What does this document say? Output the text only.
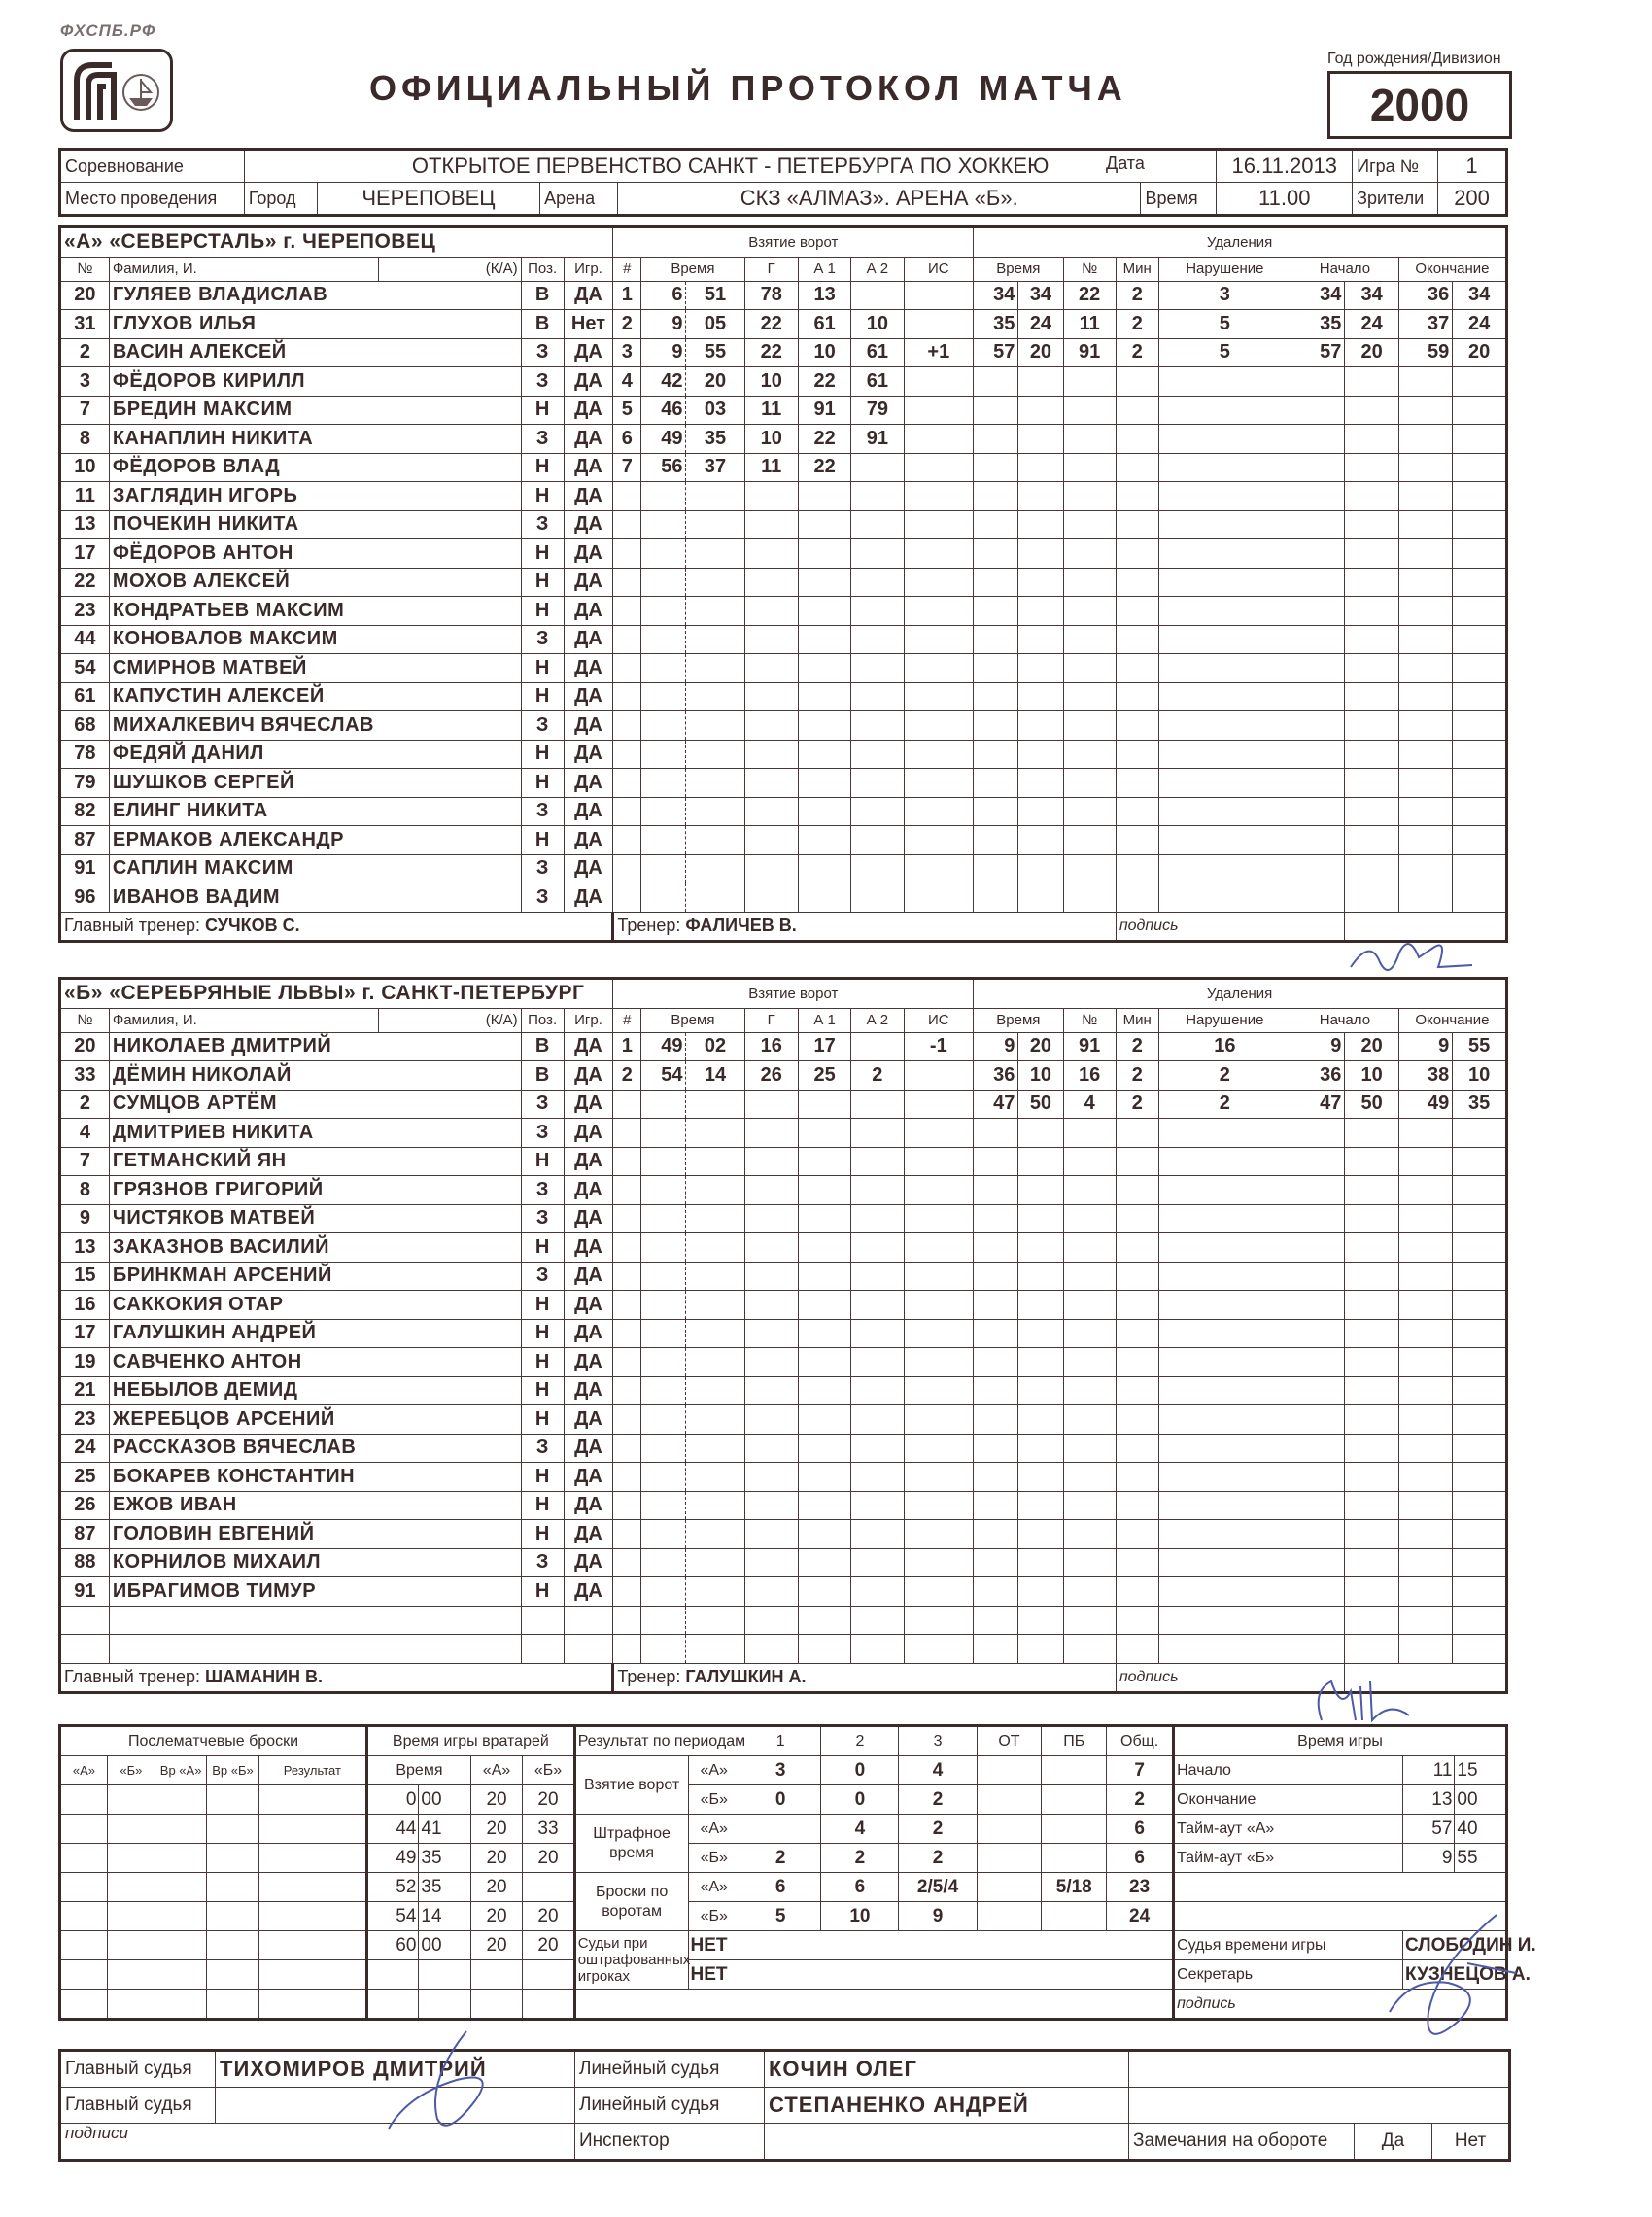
ФХСПБ.РФ
ОФИЦИАЛЬНЫЙ ПРОТОКОЛ МАТЧА
Год рождения/Дивизион
2000
Соревнование	ОТКРЫТОЕ ПЕРВЕНСТВО САНКТ - ПЕТЕРБУРГА ПО ХОККЕЮ					16.11.2013	Игра №	1
Место проведения	Город	ЧЕРЕПОВЕЦ	Арена	СКЗ «АЛМАЗ». АРЕНА «Б».	Время	11.00	Зрители	200
Дата
«А» «СЕВЕРСТАЛЬ» г. ЧЕРЕПОВЕЦ					Взятие ворот							Удаления								
№	Фамилия, И.	(К/А)	Поз.	Игр.	#	Время		Г	А 1	А 2	ИС	Время		№	Мин	Нарушение	Начало		Окончание	
20	ГУЛЯЕВ ВЛАДИСЛАВ		В	ДА	1	6	51	78	13			34	34	22	2	3	34	34	36	34
31	ГЛУХОВ ИЛЬЯ		В	Нет	2	9	05	22	61	10		35	24	11	2	5	35	24	37	24
2	ВАСИН АЛЕКСЕЙ		З	ДА	3	9	55	22	10	61	+1	57	20	91	2	5	57	20	59	20
3	ФЁДОРОВ КИРИЛЛ		З	ДА	4	42	20	10	22	61										
7	БРЕДИН МАКСИМ		Н	ДА	5	46	03	11	91	79										
8	КАНАПЛИН НИКИТА		З	ДА	6	49	35	10	22	91										
10	ФЁДОРОВ ВЛАД		Н	ДА	7	56	37	11	22											
11	ЗАГЛЯДИН ИГОРЬ		Н	ДА																
13	ПОЧЕКИН НИКИТА		З	ДА																
17	ФЁДОРОВ АНТОН		Н	ДА																
22	МОХОВ АЛЕКСЕЙ		Н	ДА																
23	КОНДРАТЬЕВ МАКСИМ		Н	ДА																
44	КОНОВАЛОВ МАКСИМ		З	ДА																
54	СМИРНОВ МАТВЕЙ		Н	ДА																
61	КАПУСТИН АЛЕКСЕЙ		Н	ДА																
68	МИХАЛКЕВИЧ ВЯЧЕСЛАВ		З	ДА																
78	ФЕДЯЙ ДАНИЛ		Н	ДА																
79	ШУШКОВ СЕРГЕЙ		Н	ДА																
82	ЕЛИНГ НИКИТА		З	ДА																
87	ЕРМАКОВ АЛЕКСАНДР		Н	ДА																
91	САПЛИН МАКСИМ		З	ДА																
96	ИВАНОВ ВАДИМ		З	ДА																
Главный тренер: СУЧКОВ С.					Тренер: ФАЛИЧЕВ В.										подпись					
«Б» «СЕРЕБРЯНЫЕ ЛЬВЫ» г. САНКТ-ПЕТЕРБУРГ					Взятие ворот							Удаления								
№	Фамилия, И.	(К/А)	Поз.	Игр.	#	Время		Г	А 1	А 2	ИС	Время		№	Мин	Нарушение	Начало		Окончание	
20	НИКОЛАЕВ ДМИТРИЙ		В	ДА	1	49	02	16	17		-1	9	20	91	2	16	9	20	9	55
33	ДЁМИН НИКОЛАЙ		В	ДА	2	54	14	26	25	2		36	10	16	2	2	36	10	38	10
2	СУМЦОВ АРТЁМ		З	ДА								47	50	4	2	2	47	50	49	35
4	ДМИТРИЕВ НИКИТА		З	ДА																
7	ГЕТМАНСКИЙ ЯН		Н	ДА																
8	ГРЯЗНОВ ГРИГОРИЙ		З	ДА																
9	ЧИСТЯКОВ МАТВЕЙ		З	ДА																
13	ЗАКАЗНОВ ВАСИЛИЙ		Н	ДА																
15	БРИНКМАН АРСЕНИЙ		З	ДА																
16	САККОКИЯ ОТАР		Н	ДА																
17	ГАЛУШКИН АНДРЕЙ		Н	ДА																
19	САВЧЕНКО АНТОН		Н	ДА																
21	НЕБЫЛОВ ДЕМИД		Н	ДА																
23	ЖЕРЕБЦОВ АРСЕНИЙ		Н	ДА																
24	РАССКАЗОВ ВЯЧЕСЛАВ		З	ДА																
25	БОКАРЕВ КОНСТАНТИН		Н	ДА																
26	ЕЖОВ ИВАН		Н	ДА																
87	ГОЛОВИН ЕВГЕНИЙ		Н	ДА																
88	КОРНИЛОВ МИХАИЛ		З	ДА																
91	ИБРАГИМОВ ТИМУР		Н	ДА																

Главный тренер: ШАМАНИН В.					Тренер: ГАЛУШКИН А.										подпись					
Послематчевые броски					Время игры вратарей				Результат по периодам		1	2	3	ОТ	ПБ	Общ.	Время игры		
«А»	«Б»	Вр «А»	Вр «Б»	Результат	Время		«А»	«Б»	Взятие ворот	«А»	3	0	4			7	Начало	11	15
					0	00	20	20		«Б»	0	0	2			2	Окончание	13	00
					44	41	20	33	Штрафное время	«А»		4	2			6	Тайм-аут «А»	57	40
					49	35	20	20		«Б»	2	2	2			6	Тайм-аут «Б»	9	55
					52	35	20		Броски по воротам	«А»	6	6	2/5/4		5/18	23			
					54	14	20	20		«Б»	5	10	9			24			
					60	00	20	20	Судьи при оштрафованных игроках	НЕТ							Судья времени игры	СЛОБОДИН И.	
										НЕТ							Секретарь	КУЗНЕЦОВ А.	
																	подпись		
Главный судья	ТИХОМИРОВ ДМИТРИЙ	Линейный судья	КОЧИН ОЛЕГ			
Главный судья		Линейный судья	СТЕПАНЕНКО АНДРЕЙ			
подписи		Инспектор		Замечания на обороте	Да	Нет
